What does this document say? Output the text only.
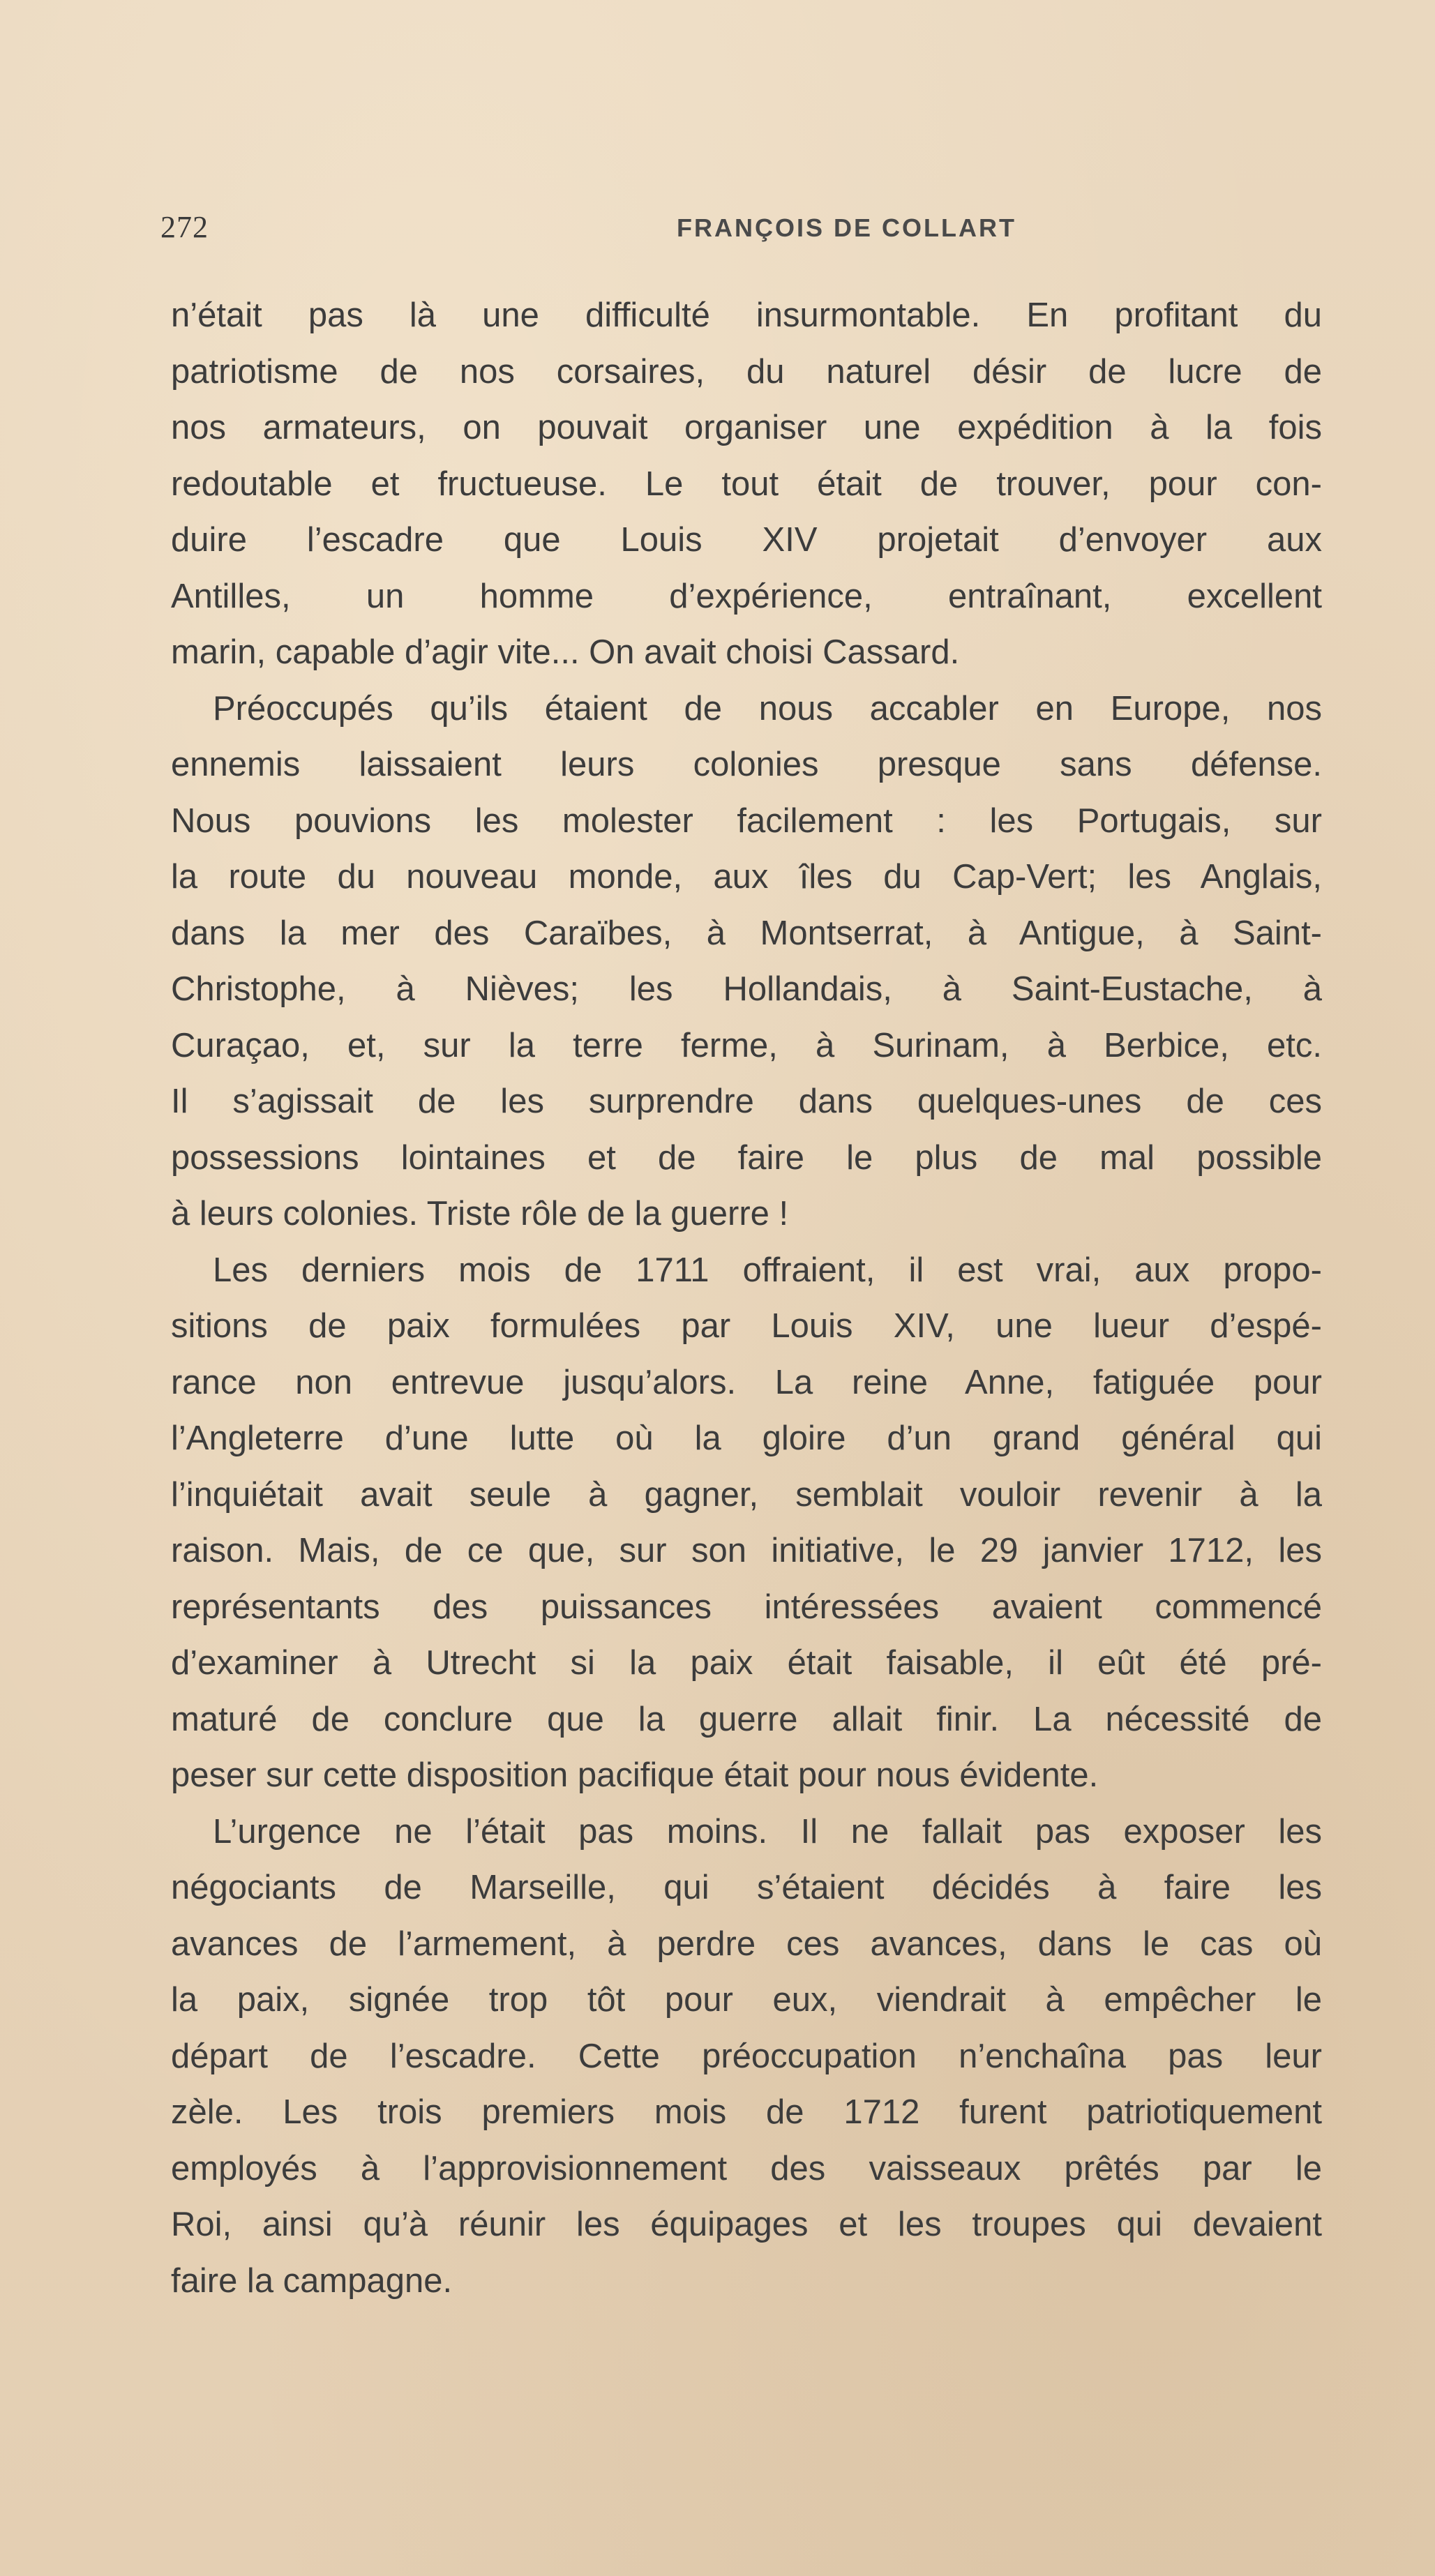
272	FRANÇOIS DE COLLART
n’était pas là une difficulté insurmontable. En profitant du
patriotisme de nos corsaires, du naturel désir de lucre de
nos armateurs, on pouvait organiser une expédition à la fois
redoutable et fructueuse. Le tout était de trouver, pour con-
duire l’escadre que Louis XIV projetait d’envoyer aux
Antilles, un homme d’expérience, entraînant, excellent
marin, capable d’agir vite... On avait choisi Cassard.
Préoccupés qu’ils étaient de nous accabler en Europe, nos
ennemis laissaient leurs colonies presque sans défense.
Nous pouvions les molester facilement : les Portugais, sur
la route du nouveau monde, aux îles du Cap-Vert; les Anglais,
dans la mer des Caraïbes, à Montserrat, à Antigue, à Saint-
Christophe, à Nièves; les Hollandais, à Saint-Eustache, à
Curaçao, et, sur la terre ferme, à Surinam, à Berbice, etc.
Il s’agissait de les surprendre dans quelques-unes de ces
possessions lointaines et de faire le plus de mal possible
à leurs colonies. Triste rôle de la guerre !
Les derniers mois de 1711 offraient, il est vrai, aux propo-
sitions de paix formulées par Louis XIV, une lueur d’espé-
rance non entrevue jusqu’alors. La reine Anne, fatiguée pour
l’Angleterre d’une lutte où la gloire d’un grand général qui
l’inquiétait avait seule à gagner, semblait vouloir revenir à la
raison. Mais, de ce que, sur son initiative, le 29 janvier 1712, les
représentants des puissances intéressées avaient commencé
d’examiner à Utrecht si la paix était faisable, il eût été pré-
maturé de conclure que la guerre allait finir. La nécessité de
peser sur cette disposition pacifique était pour nous évidente.
L’urgence ne l’était pas moins. Il ne fallait pas exposer les
négociants de Marseille, qui s’étaient décidés à faire les
avances de l’armement, à perdre ces avances, dans le cas où
la paix, signée trop tôt pour eux, viendrait à empêcher le
départ de l’escadre. Cette préoccupation n’enchaîna pas leur
zèle. Les trois premiers mois de 1712 furent patriotiquement
employés à l’approvisionnement des vaisseaux prêtés par le
Roi, ainsi qu’à réunir les équipages et les troupes qui devaient
faire la campagne.
